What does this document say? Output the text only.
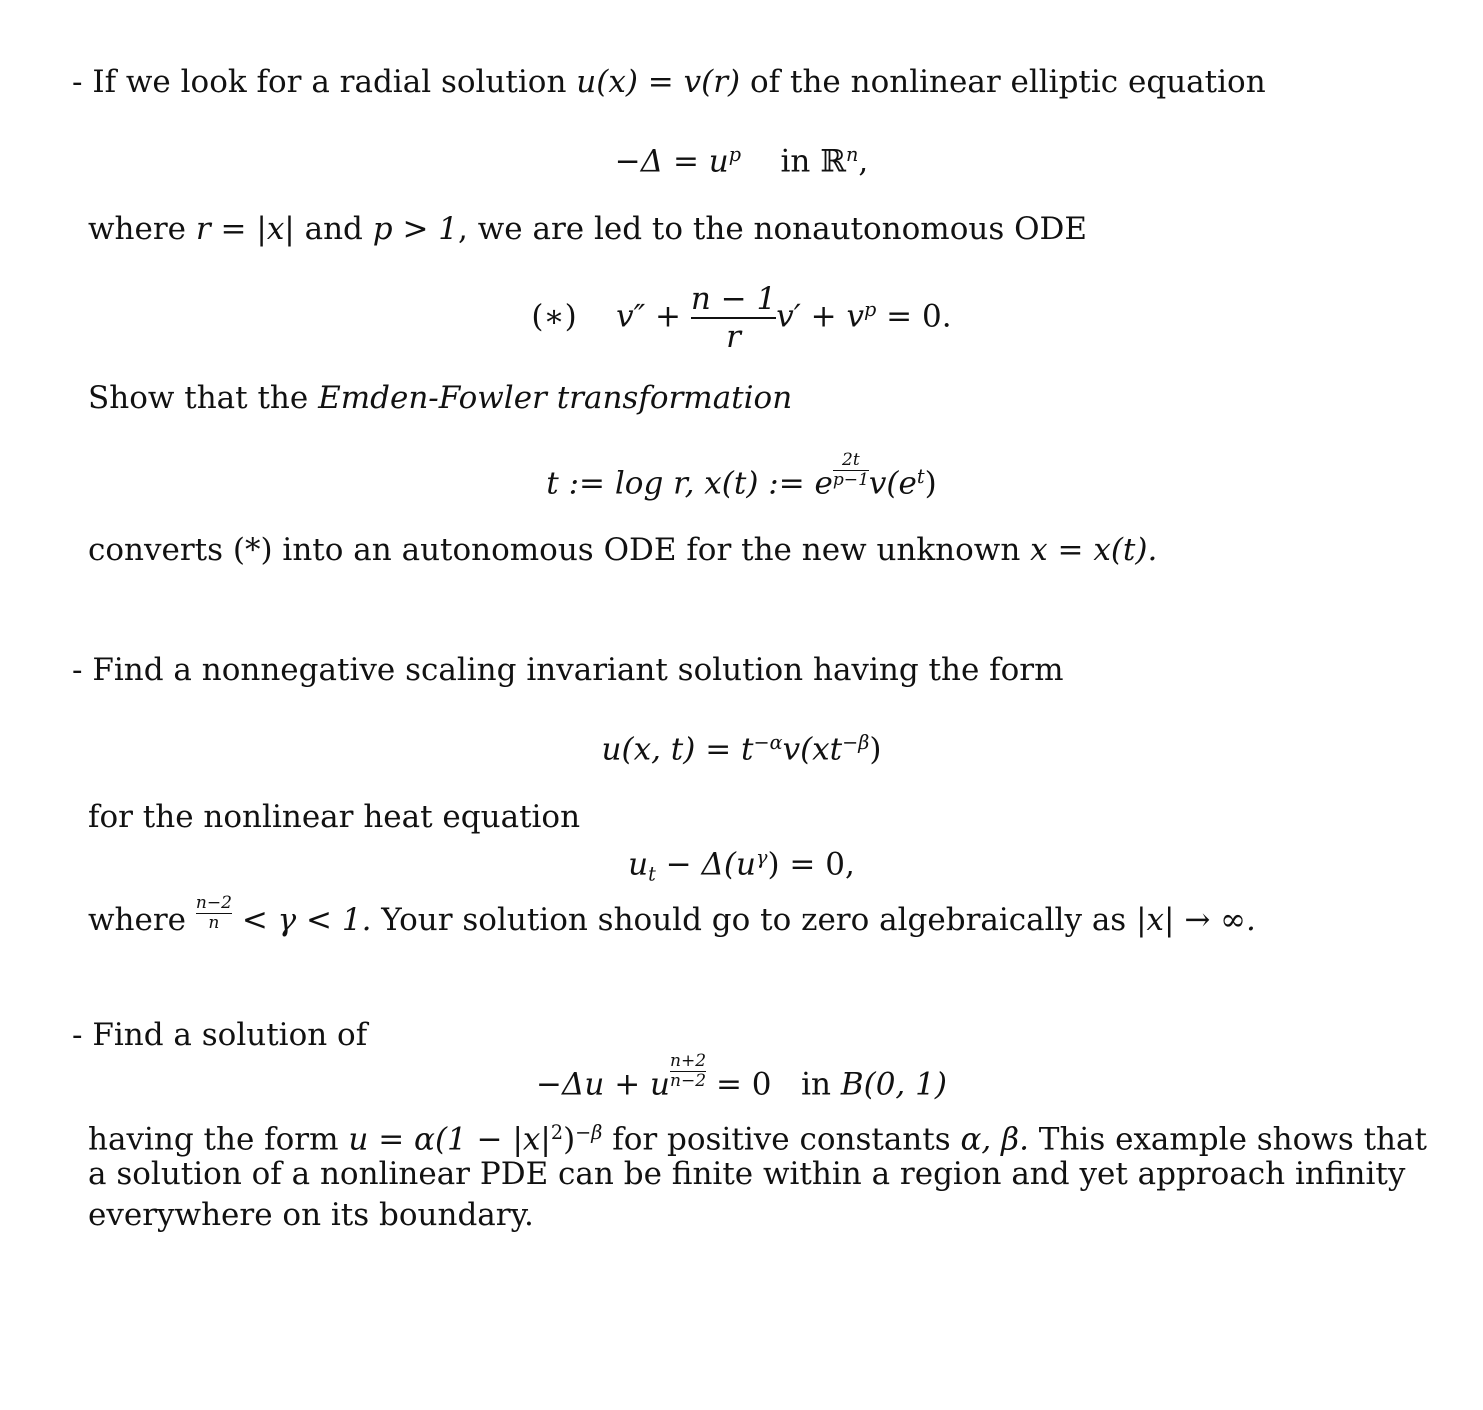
- If we look for a radial solution u(x) = v(r) of the nonlinear elliptic equation
$-\Delta = u^p$ in ℝ$^n$,
where r = |x| and p > 1, we are led to the nonautonomous ODE
(∗) $v'' + \frac{n - 1}{r} v' + v^p = 0$.
Show that the Emden-Fowler transformation
t := log r, x(t) := e $\frac{2t}{p-1} v(e^t)$
converts (*) into an autonomous ODE for the new unknown x = x(t).
- Find a nonnegative scaling invariant solution having the form
u(x, $t) = t^{-\alpha}v(xt^{-\beta})$
for the nonlinear heat equation
$u_t - \Delta(u^\gamma) = 0$,
where $\frac{n-2}{n} < \gamma < 1$. Your solution should go to zero algebraically as |x| → ∞.
- Find a solution of
−Δu + u $\frac{n+2}{n-2} = 0$ in B(0, 1)
having the form $u = \alpha(1 - |x|^2)^{-\beta}$ for positive constants α, β. This example shows that
a solution of a nonlinear PDE can be finite within a region and yet approach infinity
everywhere on its boundary.
